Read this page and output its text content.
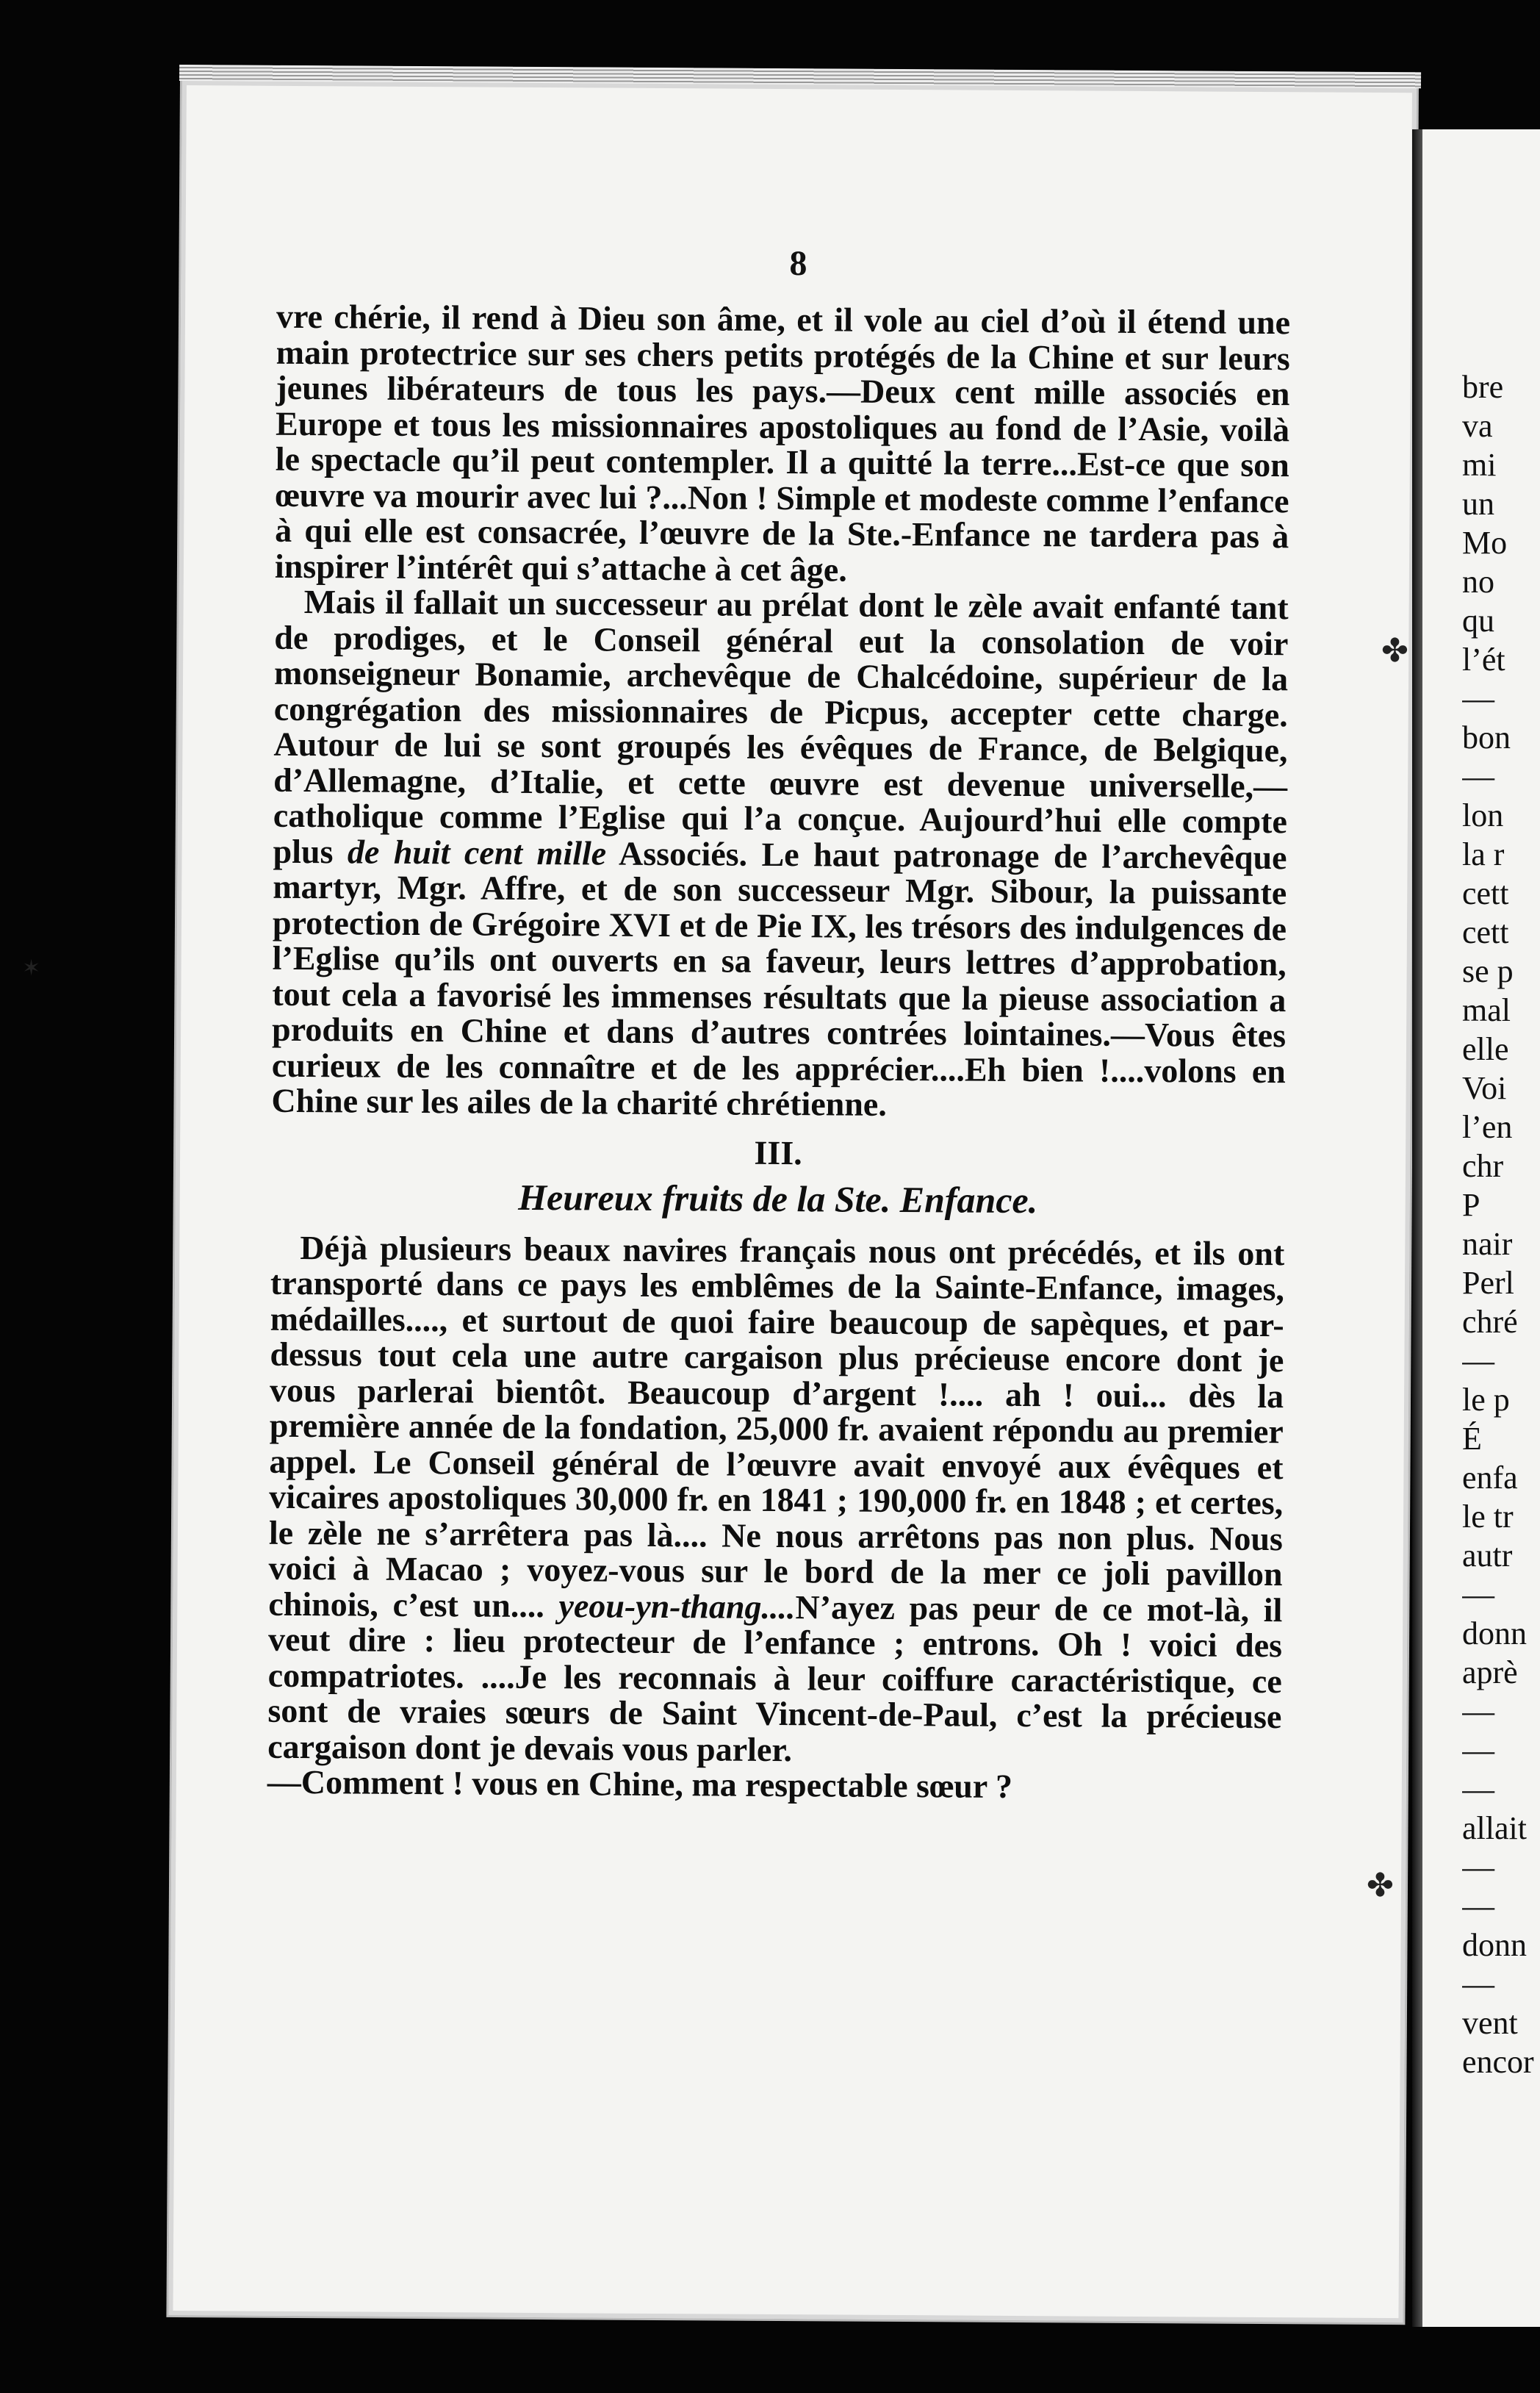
8

vre chérie, il rend à Dieu son âme, et il vole au ciel d’où il étend une main protectrice sur ses chers petits protégés de la Chine et sur leurs jeunes libérateurs de tous les pays.—Deux cent mille associés en Europe et tous les missionnaires apostoliques au fond de l’Asie, voilà le spectacle qu’il peut contempler. Il a quitté la terre...Est-ce que son œuvre va mourir avec lui ?...Non ! Simple et modeste comme l’enfance à qui elle est consacrée, l’œuvre de la Ste.-Enfance ne tardera pas à inspirer l’intérêt qui s’attache à cet âge.

Mais il fallait un successeur au prélat dont le zèle avait enfanté tant de prodiges, et le Conseil général eut la consolation de voir monseigneur Bonamie, archevêque de Chalcédoine, supérieur de la congrégation des missionnaires de Picpus, accepter cette charge. Autour de lui se sont groupés les évêques de France, de Belgique, d’Allemagne, d’Italie, et cette œuvre est devenue universelle,—catholique comme l’Eglise qui l’a conçue. Aujourd’hui elle compte plus de huit cent mille Associés. Le haut patronage de l’archevêque martyr, Mgr. Affre, et de son successeur Mgr. Sibour, la puissante protection de Grégoire XVI et de Pie IX, les trésors des indulgences de l’Eglise qu’ils ont ouverts en sa faveur, leurs lettres d’approbation, tout cela a favorisé les immenses résultats que la pieuse association a produits en Chine et dans d’autres contrées lointaines.—Vous êtes curieux de les connaître et de les apprécier....Eh bien !....volons en Chine sur les ailes de la charité chrétienne.

III.
Heureux fruits de la Ste. Enfance.

Déjà plusieurs beaux navires français nous ont précédés, et ils ont transporté dans ce pays les emblêmes de la Sainte-Enfance, images, médailles...., et surtout de quoi faire beaucoup de sapèques, et par-dessus tout cela une autre cargaison plus précieuse encore dont je vous parlerai bientôt. Beaucoup d’argent !.... ah ! oui... dès la première année de la fondation, 25,000 fr. avaient répondu au premier appel. Le Conseil général de l’œuvre avait envoyé aux évêques et vicaires apostoliques 30,000 fr. en 1841 ; 190,000 fr. en 1848 ; et certes, le zèle ne s’arrêtera pas là.... Ne nous arrêtons pas non plus. Nous voici à Macao ; voyez-vous sur le bord de la mer ce joli pavillon chinois, c’est un.... yeou-yn-thang....N’ayez pas peur de ce mot-là, il veut dire : lieu protecteur de l’enfance ; entrons. Oh ! voici des compatriotes. ....Je les reconnais à leur coiffure caractéristique, ce sont de vraies sœurs de Saint Vincent-de-Paul, c’est la précieuse cargaison dont je devais vous parler.

—Comment ! vous en Chine, ma respectable sœur ?

bre
va
mi
un
Mo
no
qu
l’ét
—
bon
—
lon
la r
cett
cett
se p
mal
elle
Voi
l’en
chr
P
nair
Perl
chré
—
le p
É
enfa
le tr
autr
—
donn
aprè
—
—
—
allait
—
—
donn
—
vent
encor
✤
✤
✶
